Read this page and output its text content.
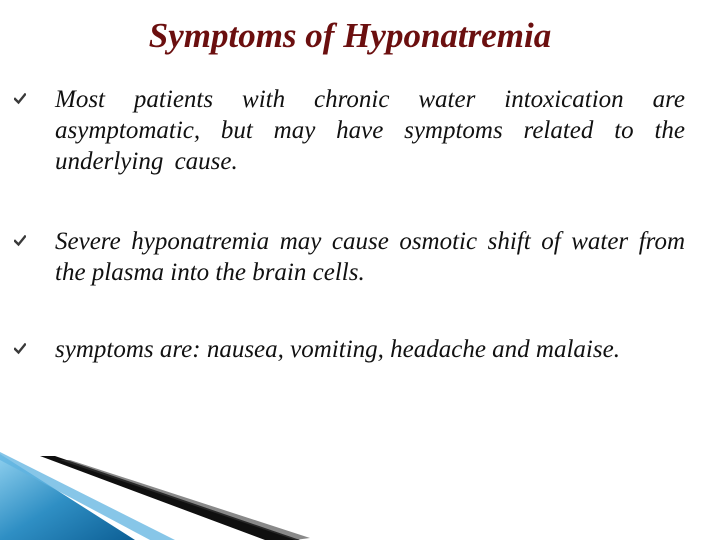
Symptoms of Hyponatremia
Most patients with chronic water intoxication are asymptomatic, but may have symptoms related to the underlying cause.
Severe hyponatremia may cause osmotic shift of water from the plasma into the brain cells.
symptoms are: nausea, vomiting, headache and malaise.
